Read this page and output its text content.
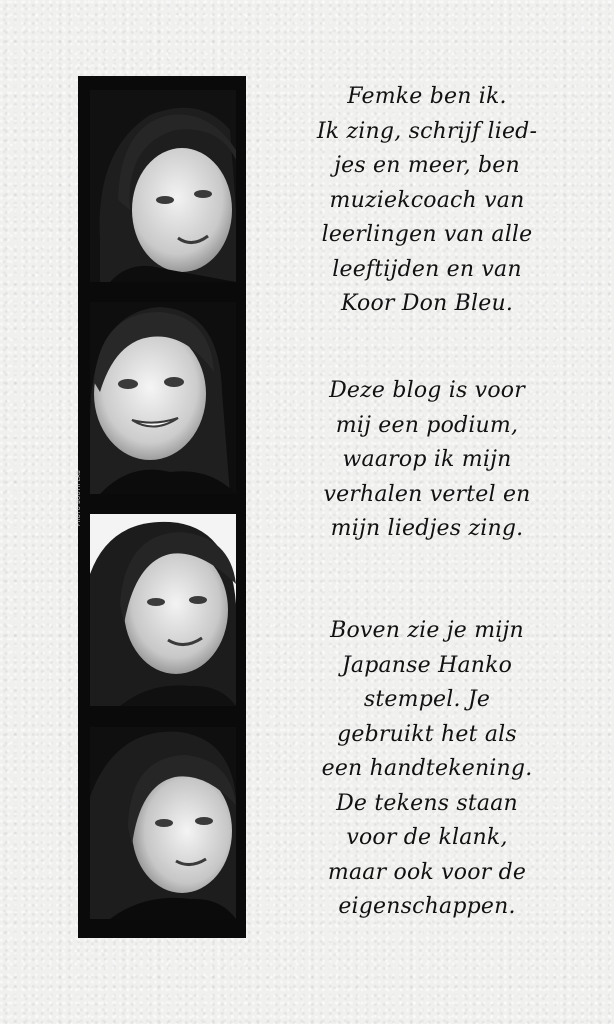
PHOTO BOOTH LAB

Femke ben ik.
Ik zing, schrijf lied-
jes en meer, ben
muziekcoach van
leerlingen van alle
leeftijden en van
Koor Don Bleu.

Deze blog is voor
mij een podium,
waarop ik mijn
verhalen vertel en
mijn liedjes zing.

Boven zie je mijn
Japanse Hanko
stempel. Je
gebruikt het als
een handtekening.
De tekens staan
voor de klank,
maar ook voor de
eigenschappen.
